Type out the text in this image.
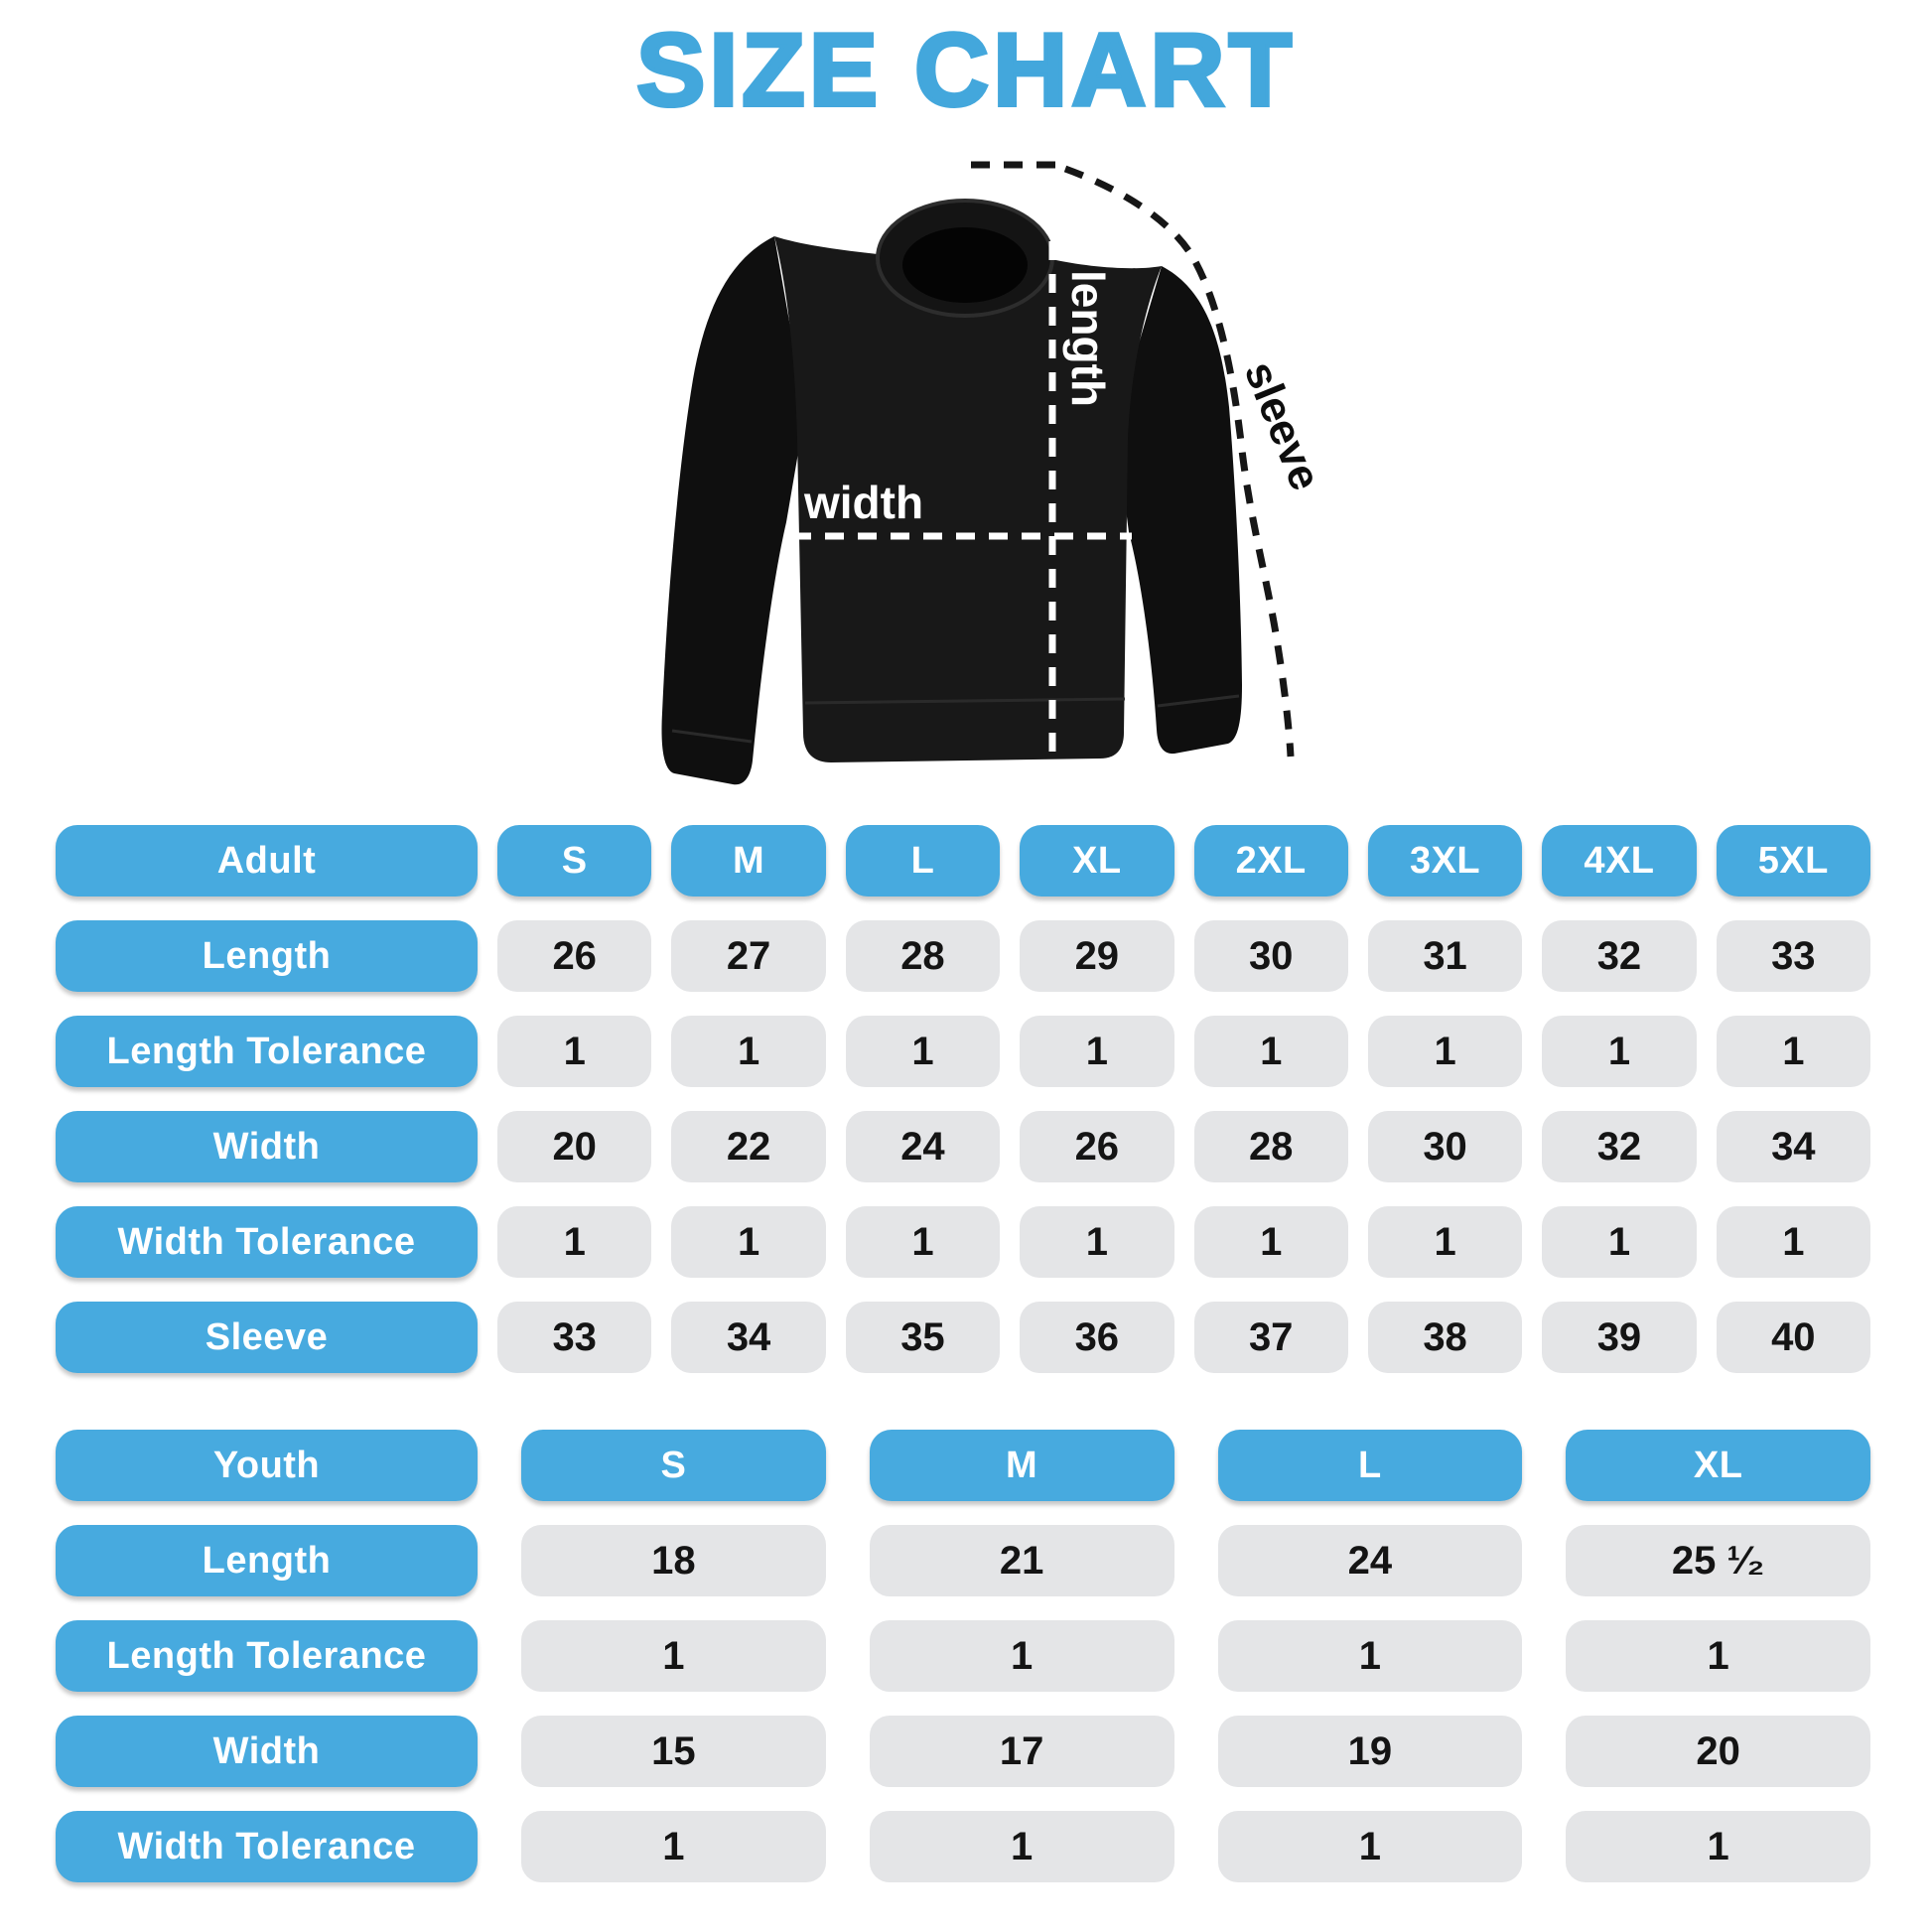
SIZE CHART
length
width
sleeve
Adult	S	M	L	XL	2XL	3XL	4XL	5XL
Length	26	27	28	29	30	31	32	33
Length Tolerance	1	1	1	1	1	1	1	1
Width	20	22	24	26	28	30	32	34
Width Tolerance	1	1	1	1	1	1	1	1
Sleeve	33	34	35	36	37	38	39	40
Youth	S	M	L	XL
Length	18	21	24	25 ¹⁄₂
Length Tolerance	1	1	1	1
Width	15	17	19	20
Width Tolerance	1	1	1	1
